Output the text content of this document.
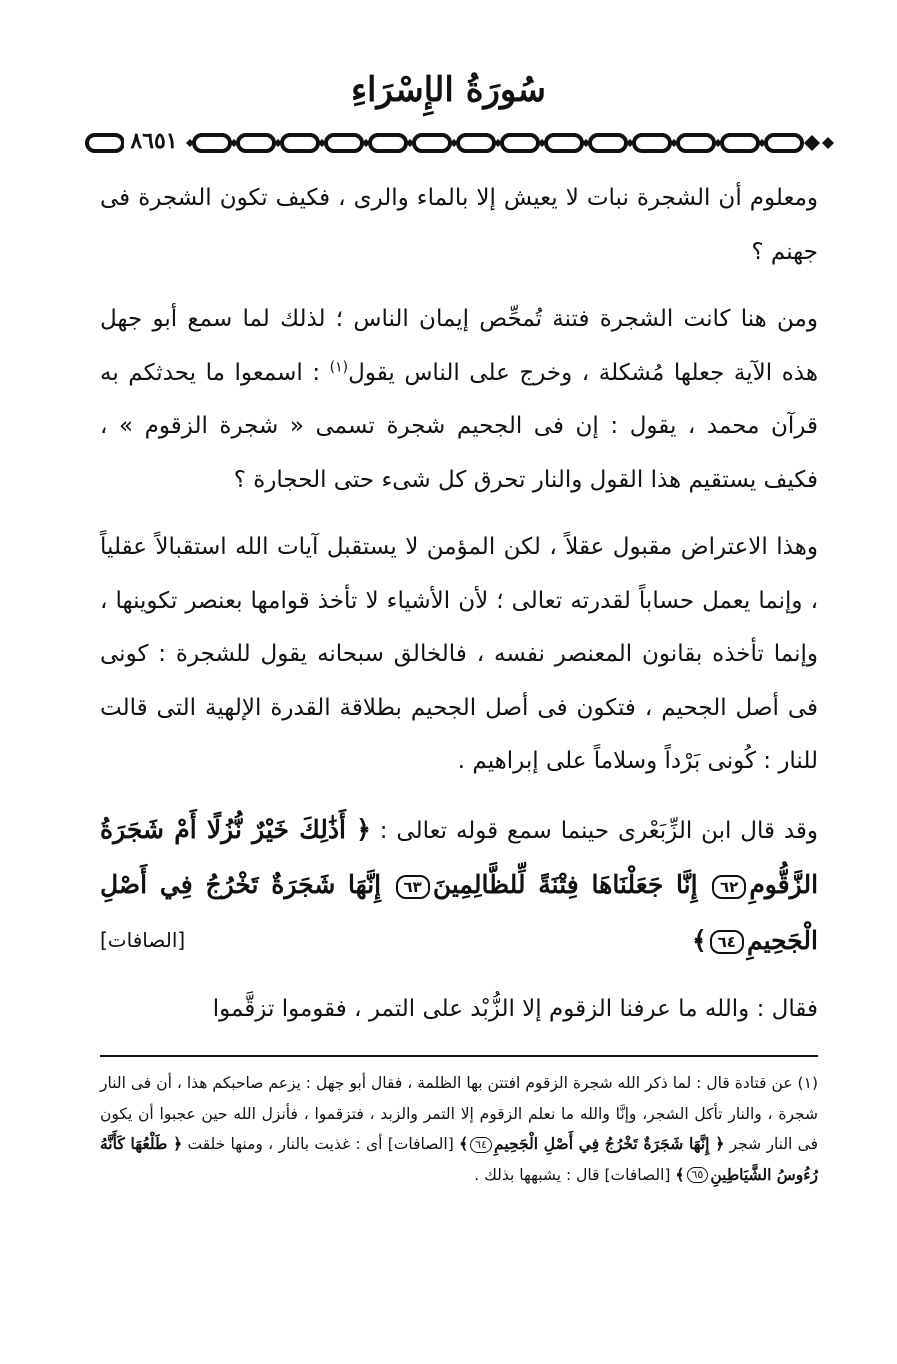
سُورَةُ الإِسْرَاءِ
٨٦٥١

ومعلوم أن الشجرة نبات لا يعيش إلا بالماء والرى ، فكيف تكون الشجرة فى جهنم ؟

ومن هنا كانت الشجرة فتنة تُمحِّص إيمان الناس ؛ لذلك لما سمع أبو جهل هذه الآية جعلها مُشكلة ، وخرج على الناس يقول$^{(١)}$ : اسمعوا ما يحدثكم به قرآن محمد ، يقول : إن فى الجحيم شجرة تسمى « شجرة الزقوم » ، فكيف يستقيم هذا القول والنار تحرق كل شىء حتى الحجارة ؟

وهذا الاعتراض مقبول عقلاً ، لكن المؤمن لا يستقبل آيات الله استقبالاً عقلياً ، وإنما يعمل حساباً لقدرته تعالى ؛ لأن الأشياء لا تأخذ قوامها بعنصر تكوينها ، وإنما تأخذه بقانون المعنصر نفسه ، فالخالق سبحانه يقول للشجرة : كونى فى أصل الجحيم ، فتكون فى أصل الجحيم بطلاقة القدرة الإلهية التى قالت للنار : كُونى بَرْداً وسلاماً على إبراهيم .

وقد قال ابن الزِّبَعْرى حينما سمع قوله تعالى : ﴿ أَذَٰلِكَ خَيْرٌ نُّزُلًا أَمْ شَجَرَةُ الزَّقُّومِ٦٢ إِنَّا جَعَلْنَاهَا فِتْنَةً لِّلظَّالِمِينَ٦٣ إِنَّهَا شَجَرَةٌ تَخْرُجُ فِي أَصْلِ الْجَحِيمِ٦٤﴾
[الصافات]

فقال : والله ما عرفنا الزقوم إلا الزُّبْد على التمر ، فقوموا تزقَّموا

(١) عن قتادة قال : لما ذكر الله شجرة الزقوم افتتن بها الظلمة ، فقال أبو جهل : يزعم صاحبكم هذا ، أن فى النار شجرة ، والنار تأكل الشجر، وإنَّا والله ما نعلم الزقوم إلا التمر والزبد ، فتزقموا ، فأنزل الله حين عجبوا أن يكون فى النار شجر ﴿ إِنَّهَا شَجَرَةٌ تَخْرُجُ فِي أَصْلِ الْجَحِيمِ٦٤﴾ [الصافات] أى : غذيت بالنار ، ومنها خلقت ﴿ طَلْعُهَا كَأَنَّهُ رُءُوسُ الشَّيَاطِينِ٦٥﴾ [الصافات] قال : يشبهها بذلك .
